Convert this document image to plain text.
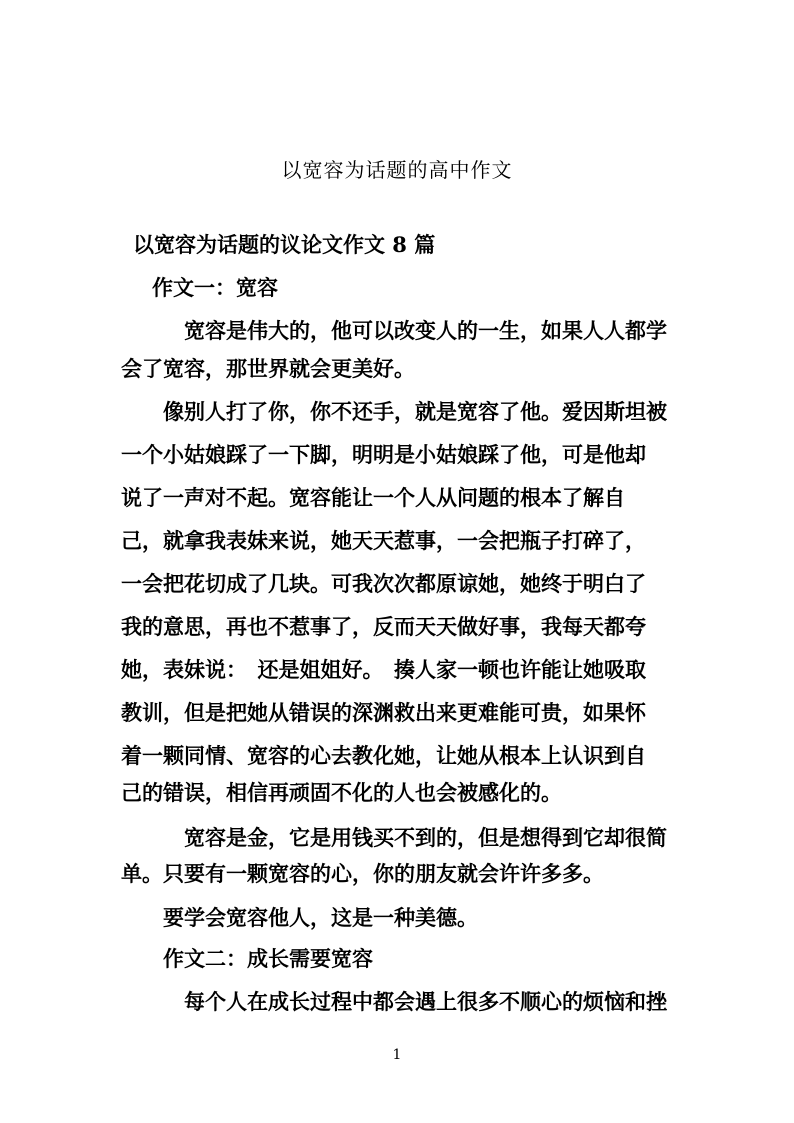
以宽容为话题的高中作文
以宽容为话题的议论文作文 8 篇
作文一：宽容
宽容是伟大的，他可以改变人的一生，如果人人都学
会了宽容，那世界就会更美好。
像别人打了你，你不还手，就是宽容了他。爱因斯坦被
一个小姑娘踩了一下脚，明明是小姑娘踩了他，可是他却
说了一声对不起。宽容能让一个人从问题的根本了解自
己，就拿我表妹来说，她天天惹事，一会把瓶子打碎了，
一会把花切成了几块。可我次次都原谅她，她终于明白了
我的意思，再也不惹事了，反而天天做好事，我每天都夸
她，表妹说：　还是姐姐好。　揍人家一顿也许能让她吸取
教训，但是把她从错误的深渊救出来更难能可贵，如果怀
着一颗同情、宽容的心去教化她，让她从根本上认识到自
己的错误，相信再顽固不化的人也会被感化的。
宽容是金，它是用钱买不到的，但是想得到它却很简
单。只要有一颗宽容的心，你的朋友就会许许多多。
要学会宽容他人，这是一种美德。
作文二：成长需要宽容
每个人在成长过程中都会遇上很多不顺心的烦恼和挫
1
